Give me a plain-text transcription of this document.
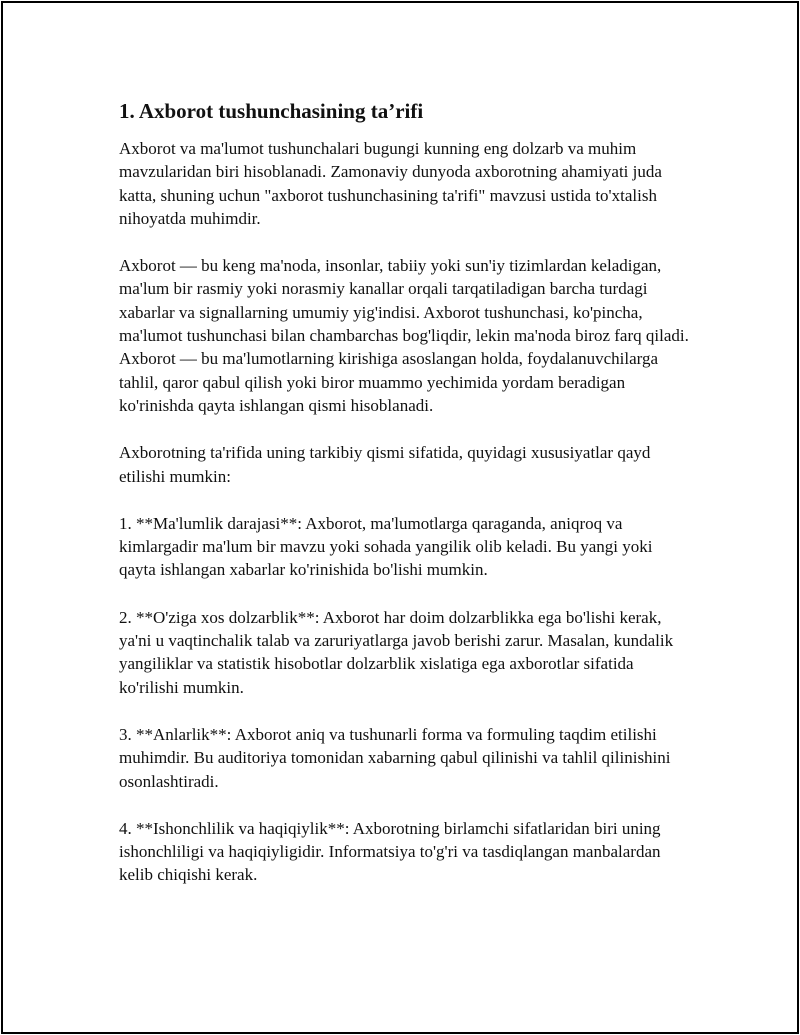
1. Axborot tushunchasining ta’rifi

Axborot va ma'lumot tushunchalari bugungi kunning eng dolzarb va muhim mavzularidan biri hisoblanadi. Zamonaviy dunyoda axborotning ahamiyati juda katta, shuning uchun "axborot tushunchasining ta'rifi" mavzusi ustida to'xtalish nihoyatda muhimdir.

Axborot — bu keng ma'noda, insonlar, tabiiy yoki sun'iy tizimlardan keladigan, ma'lum bir rasmiy yoki norasmiy kanallar orqali tarqatiladigan barcha turdagi xabarlar va signallarning umumiy yig'indisi. Axborot tushunchasi, ko'pincha, ma'lumot tushunchasi bilan chambarchas bog'liqdir, lekin ma'noda biroz farq qiladi. Axborot — bu ma'lumotlarning kirishiga asoslangan holda, foydalanuvchilarga tahlil, qaror qabul qilish yoki biror muammo yechimida yordam beradigan ko'rinishda qayta ishlangan qismi hisoblanadi.

Axborotning ta'rifida uning tarkibiy qismi sifatida, quyidagi xususiyatlar qayd etilishi mumkin:

1. **Ma'lumlik darajasi**: Axborot, ma'lumotlarga qaraganda, aniqroq va kimlargadir ma'lum bir mavzu yoki sohada yangilik olib keladi. Bu yangi yoki qayta ishlangan xabarlar ko'rinishida bo'lishi mumkin.

2. **O'ziga xos dolzarblik**: Axborot har doim dolzarblikka ega bo'lishi kerak, ya'ni u vaqtinchalik talab va zaruriyatlarga javob berishi zarur. Masalan, kundalik yangiliklar va statistik hisobotlar dolzarblik xislatiga ega axborotlar sifatida ko'rilishi mumkin.

3. **Anlarlik**: Axborot aniq va tushunarli forma va formuling taqdim etilishi muhimdir. Bu auditoriya tomonidan xabarning qabul qilinishi va tahlil qilinishini osonlashtiradi.

4. **Ishonchlilik va haqiqiylik**: Axborotning birlamchi sifatlaridan biri uning ishonchliligi va haqiqiyligidir. Informatsiya to'g'ri va tasdiqlangan manbalardan kelib chiqishi kerak.
